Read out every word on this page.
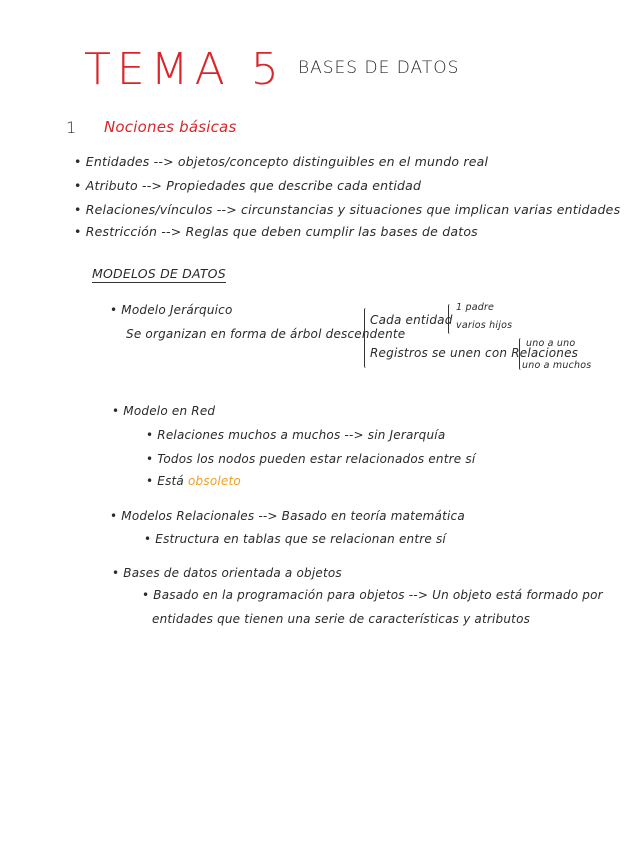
TEMA 5 BASES DE DATOS
1 Nociones básicas
• Entidades --> objetos/concepto distinguibles en el mundo real
• Atributo --> Propiedades que describe cada entidad
• Relaciones/vínculos --> circunstancias y situaciones que implican varias entidades
• Restricción --> Reglas que deben cumplir las bases de datos
MODELOS DE DATOS
• Modelo Jerárquico
Se organizan en forma de árbol descendente
Cada entidad
1 padre
varios hijos
Registros se unen con Relaciones
uno a uno
uno a muchos
• Modelo en Red
• Relaciones muchos a muchos --> sin Jerarquía
• Todos los nodos pueden estar relacionados entre sí
• Está obsoleto
• Modelos Relacionales --> Basado en teoría matemática
• Estructura en tablas que se relacionan entre sí
• Bases de datos orientada a objetos
• Basado en la programación para objetos --> Un objeto está formado por
entidades que tienen una serie de características y atributos
